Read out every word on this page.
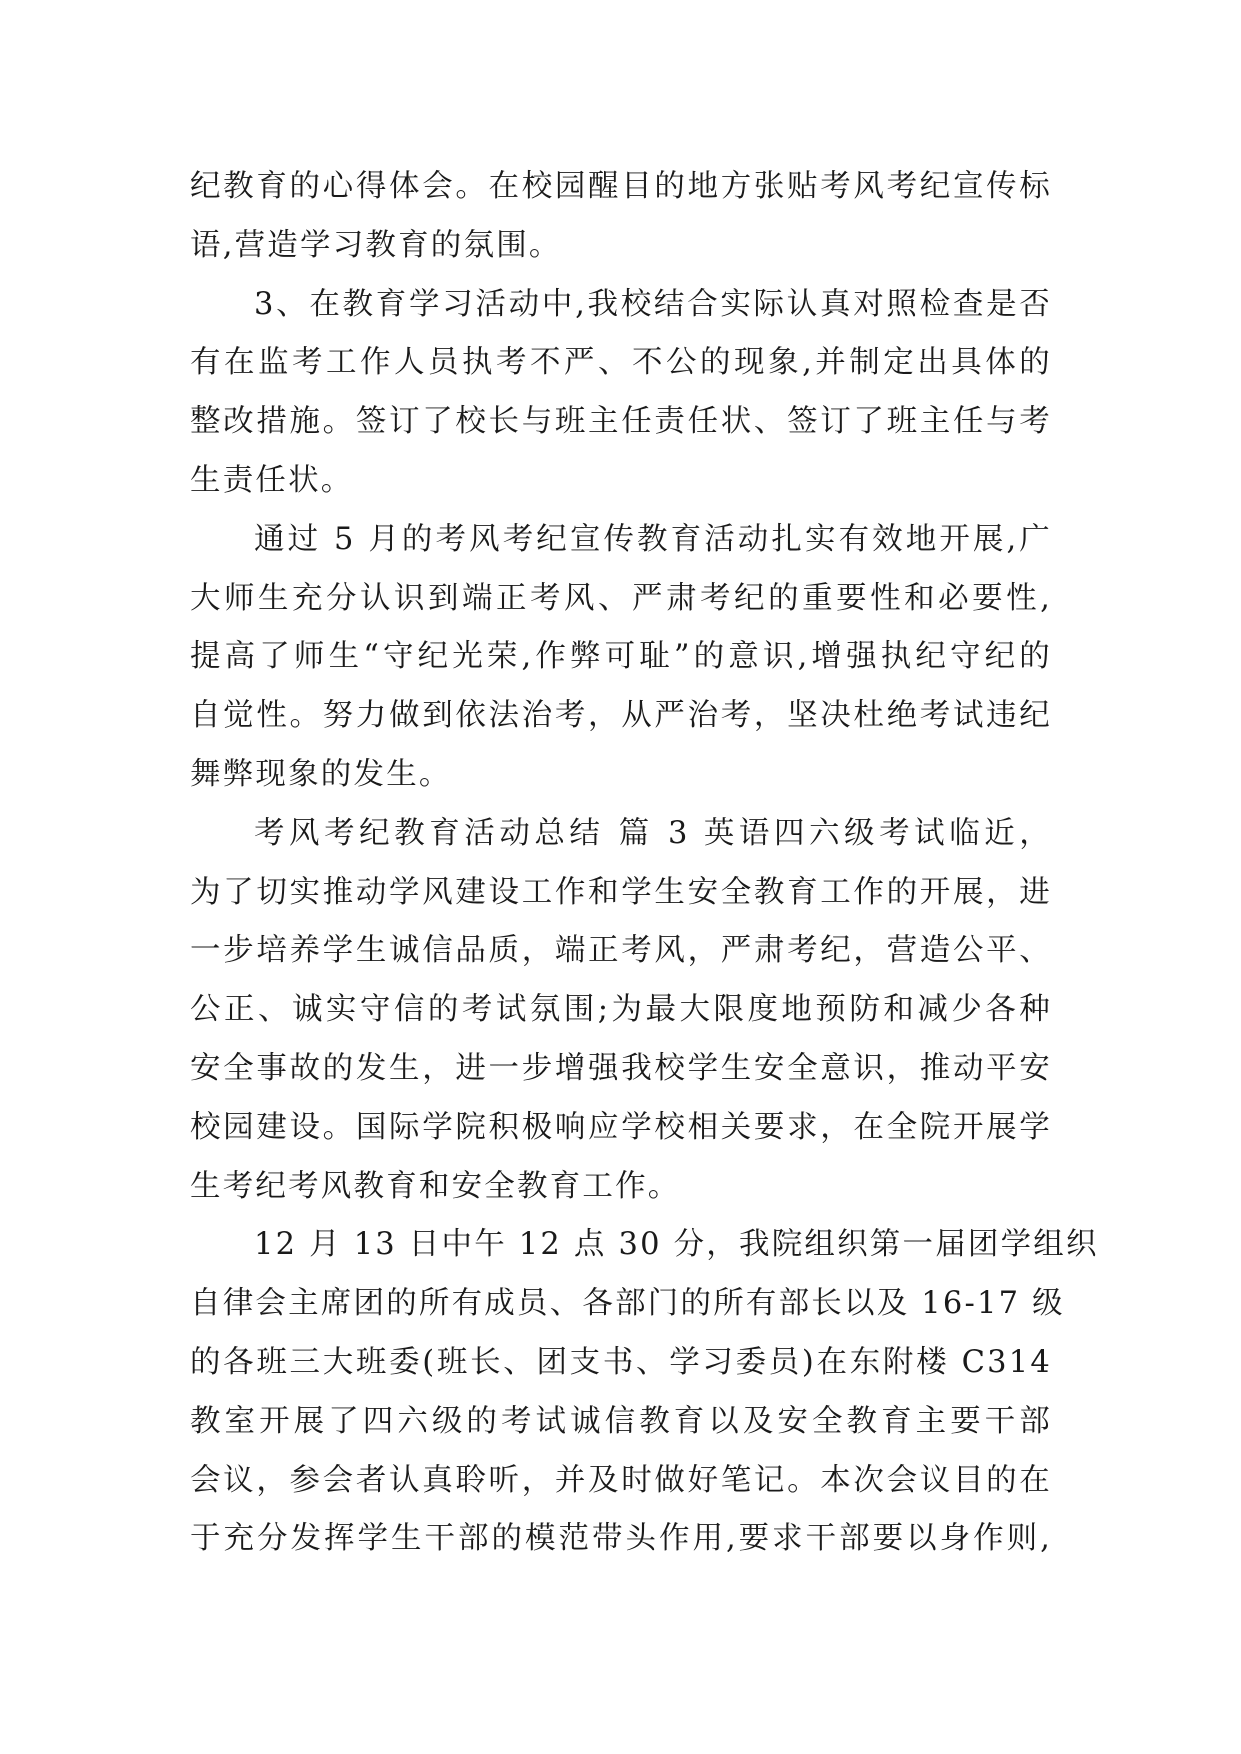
纪教育的心得体会。在校园醒目的地方张贴考风考纪宣传标
语,营造学习教育的氛围。
3、在教育学习活动中,我校结合实际认真对照检查是否
有在监考工作人员执考不严、不公的现象,并制定出具体的
整改措施。签订了校长与班主任责任状、签订了班主任与考
生责任状。
通过 5 月的考风考纪宣传教育活动扎实有效地开展,广
大师生充分认识到端正考风、严肃考纪的重要性和必要性,
提高了师生“守纪光荣,作弊可耻”的意识,增强执纪守纪的
自觉性。努力做到依法治考，从严治考，坚决杜绝考试违纪
舞弊现象的发生。
考风考纪教育活动总结 篇 3 英语四六级考试临近，
为了切实推动学风建设工作和学生安全教育工作的开展，进
一步培养学生诚信品质，端正考风，严肃考纪，营造公平、
公正、诚实守信的考试氛围;为最大限度地预防和减少各种
安全事故的发生，进一步增强我校学生安全意识，推动平安
校园建设。国际学院积极响应学校相关要求，在全院开展学
生考纪考风教育和安全教育工作。
12 月 13 日中午 12 点 30 分，我院组织第一届团学组织
自律会主席团的所有成员、各部门的所有部长以及 16-17 级
的各班三大班委(班长、团支书、学习委员)在东附楼 C314
教室开展了四六级的考试诚信教育以及安全教育主要干部
会议，参会者认真聆听，并及时做好笔记。本次会议目的在
于充分发挥学生干部的模范带头作用,要求干部要以身作则,
